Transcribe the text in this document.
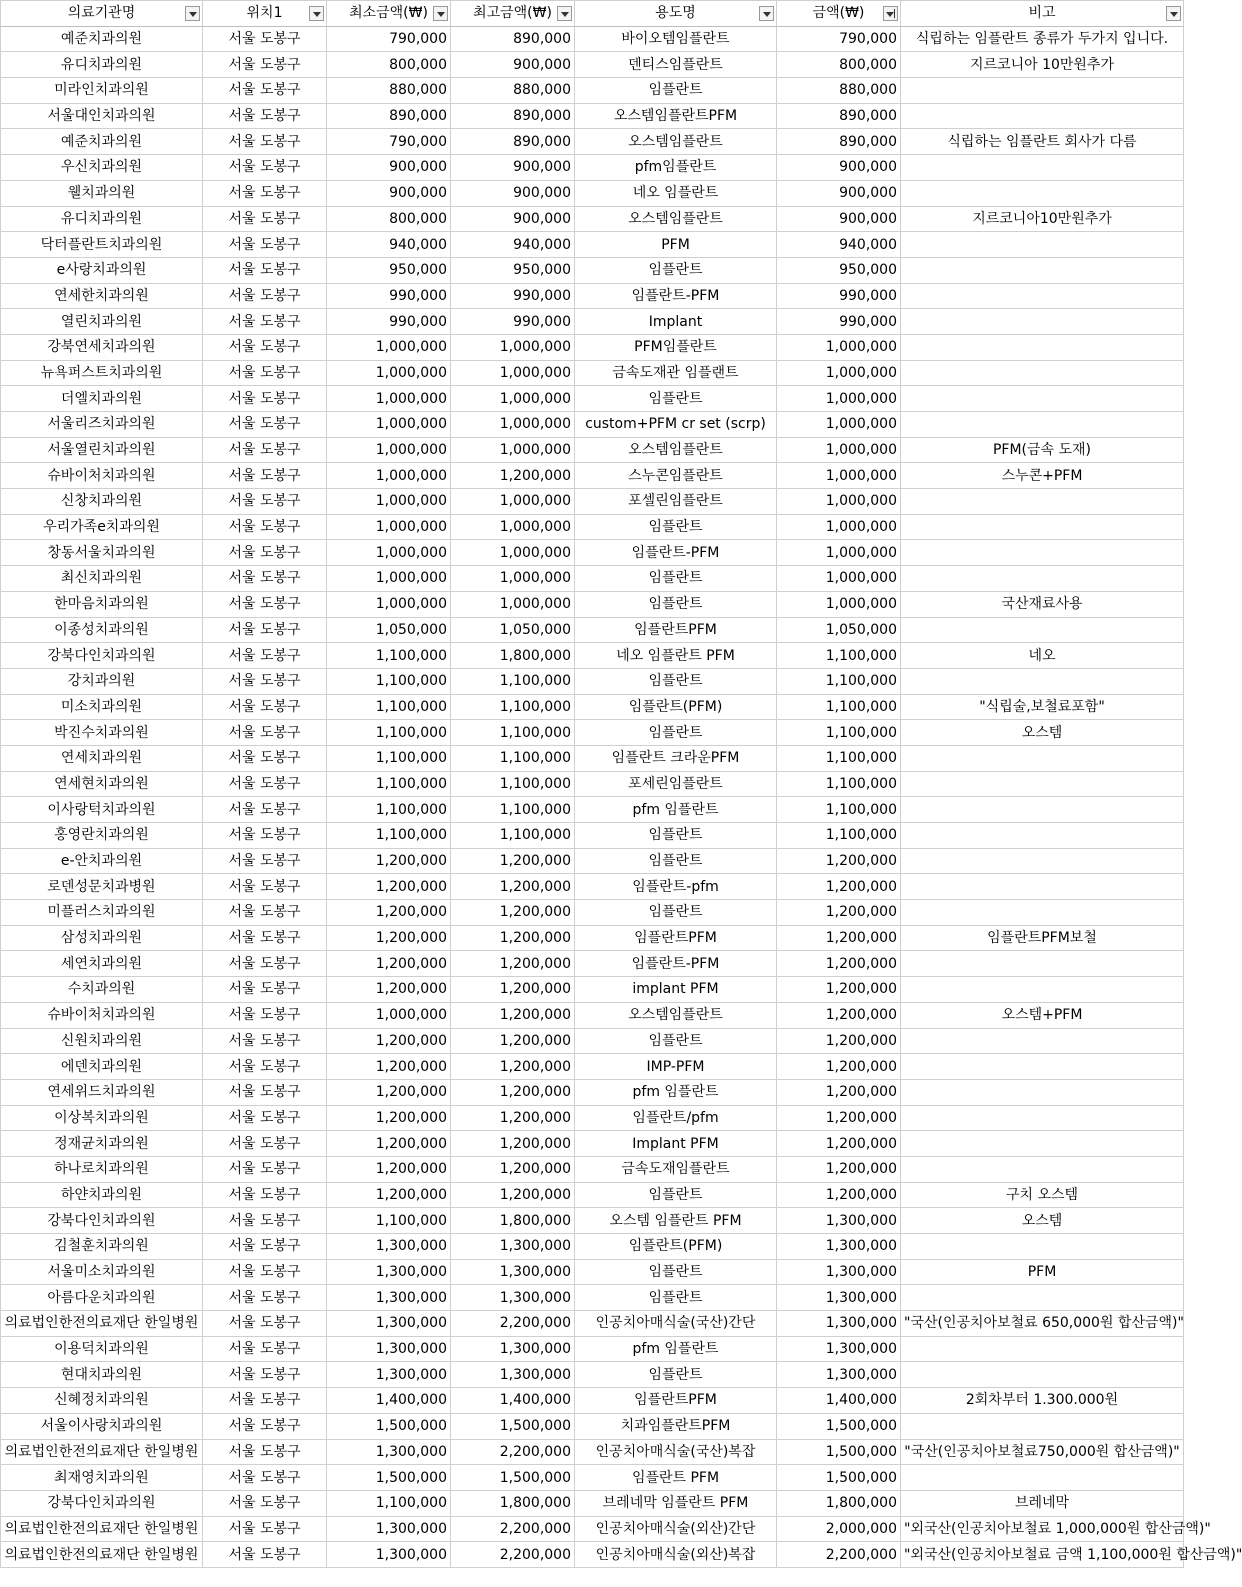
의료기관명	위치1	최소금액(₩)	최고금액(₩)	용도명	금액(₩)	비고

예준치과의원	서울 도봉구	790,000	890,000	바이오템임플란트	790,000	식립하는 임플란트 종류가 두가지 입니다.
유디치과의원	서울 도봉구	800,000	900,000	덴티스임플란트	800,000	지르코니아 10만원추가
미라인치과의원	서울 도봉구	880,000	880,000	임플란트	880,000	
서울대인치과의원	서울 도봉구	890,000	890,000	오스템임플란트PFM	890,000	
예준치과의원	서울 도봉구	790,000	890,000	오스템임플란트	890,000	식립하는 임플란트 회사가 다름
우신치과의원	서울 도봉구	900,000	900,000	pfm임플란트	900,000	
웰치과의원	서울 도봉구	900,000	900,000	네오 임플란트	900,000	
유디치과의원	서울 도봉구	800,000	900,000	오스템임플란트	900,000	지르코니아10만원추가
닥터플란트치과의원	서울 도봉구	940,000	940,000	PFM	940,000	
e사랑치과의원	서울 도봉구	950,000	950,000	임플란트	950,000	
연세한치과의원	서울 도봉구	990,000	990,000	임플란트-PFM	990,000	
열린치과의원	서울 도봉구	990,000	990,000	Implant	990,000	
강북연세치과의원	서울 도봉구	1,000,000	1,000,000	PFM임플란트	1,000,000	
뉴욕퍼스트치과의원	서울 도봉구	1,000,000	1,000,000	금속도재관 임플랜트	1,000,000	
더엘치과의원	서울 도봉구	1,000,000	1,000,000	임플란트	1,000,000	
서울리즈치과의원	서울 도봉구	1,000,000	1,000,000	custom+PFM cr set (scrp)	1,000,000	
서울열린치과의원	서울 도봉구	1,000,000	1,000,000	오스템임플란트	1,000,000	PFM(금속 도재)
슈바이처치과의원	서울 도봉구	1,000,000	1,200,000	스누콘임플란트	1,000,000	스누콘+PFM
신창치과의원	서울 도봉구	1,000,000	1,000,000	포셀린임플란트	1,000,000	
우리가족e치과의원	서울 도봉구	1,000,000	1,000,000	임플란트	1,000,000	
창동서울치과의원	서울 도봉구	1,000,000	1,000,000	임플란트-PFM	1,000,000	
최신치과의원	서울 도봉구	1,000,000	1,000,000	임플란트	1,000,000	
한마음치과의원	서울 도봉구	1,000,000	1,000,000	임플란트	1,000,000	국산재료사용
이종성치과의원	서울 도봉구	1,050,000	1,050,000	임플란트PFM	1,050,000	
강북다인치과의원	서울 도봉구	1,100,000	1,800,000	네오 임플란트 PFM	1,100,000	네오
강치과의원	서울 도봉구	1,100,000	1,100,000	임플란트	1,100,000	
미소치과의원	서울 도봉구	1,100,000	1,100,000	임플란트(PFM)	1,100,000	"식립술,보철료포함"
박진수치과의원	서울 도봉구	1,100,000	1,100,000	임플란트	1,100,000	오스템
연세치과의원	서울 도봉구	1,100,000	1,100,000	임플란트 크라운PFM	1,100,000	
연세현치과의원	서울 도봉구	1,100,000	1,100,000	포세린임플란트	1,100,000	
이사랑턱치과의원	서울 도봉구	1,100,000	1,100,000	pfm 임플란트	1,100,000	
홍영란치과의원	서울 도봉구	1,100,000	1,100,000	임플란트	1,100,000	
e-안치과의원	서울 도봉구	1,200,000	1,200,000	임플란트	1,200,000	
로덴성문치과병원	서울 도봉구	1,200,000	1,200,000	임플란트-pfm	1,200,000	
미플러스치과의원	서울 도봉구	1,200,000	1,200,000	임플란트	1,200,000	
삼성치과의원	서울 도봉구	1,200,000	1,200,000	임플란트PFM	1,200,000	임플란트PFM보철
세연치과의원	서울 도봉구	1,200,000	1,200,000	임플란트-PFM	1,200,000	
수치과의원	서울 도봉구	1,200,000	1,200,000	implant PFM	1,200,000	
슈바이처치과의원	서울 도봉구	1,000,000	1,200,000	오스템임플란트	1,200,000	오스템+PFM
신원치과의원	서울 도봉구	1,200,000	1,200,000	임플란트	1,200,000	
에덴치과의원	서울 도봉구	1,200,000	1,200,000	IMP-PFM	1,200,000	
연세위드치과의원	서울 도봉구	1,200,000	1,200,000	pfm 임플란트	1,200,000	
이상복치과의원	서울 도봉구	1,200,000	1,200,000	임플란트/pfm	1,200,000	
정재균치과의원	서울 도봉구	1,200,000	1,200,000	Implant PFM	1,200,000	
하나로치과의원	서울 도봉구	1,200,000	1,200,000	금속도재임플란트	1,200,000	
하얀치과의원	서울 도봉구	1,200,000	1,200,000	임플란트	1,200,000	구치 오스템
강북다인치과의원	서울 도봉구	1,100,000	1,800,000	오스템 임플란트 PFM	1,300,000	오스템
김철훈치과의원	서울 도봉구	1,300,000	1,300,000	임플란트(PFM)	1,300,000	
서울미소치과의원	서울 도봉구	1,300,000	1,300,000	임플란트	1,300,000	PFM
아름다운치과의원	서울 도봉구	1,300,000	1,300,000	임플란트	1,300,000	
의료법인한전의료재단 한일병원	서울 도봉구	1,300,000	2,200,000	인공치아매식술(국산)간단	1,300,000	"국산(인공치아보철료 650,000원 합산금액)"
이용덕치과의원	서울 도봉구	1,300,000	1,300,000	pfm 임플란트	1,300,000	
현대치과의원	서울 도봉구	1,300,000	1,300,000	임플란트	1,300,000	
신혜정치과의원	서울 도봉구	1,400,000	1,400,000	임플란트PFM	1,400,000	2회차부터 1.300.000원
서울이사랑치과의원	서울 도봉구	1,500,000	1,500,000	치과임플란트PFM	1,500,000	
의료법인한전의료재단 한일병원	서울 도봉구	1,300,000	2,200,000	인공치아매식술(국산)복잡	1,500,000	"국산(인공치아보철료750,000원 합산금액)"
최재영치과의원	서울 도봉구	1,500,000	1,500,000	임플란트 PFM	1,500,000	
강북다인치과의원	서울 도봉구	1,100,000	1,800,000	브레네막 임플란트 PFM	1,800,000	브레네막
의료법인한전의료재단 한일병원	서울 도봉구	1,300,000	2,200,000	인공치아매식술(외산)간단	2,000,000	"외국산(인공치아보철료 1,000,000원 합산금액)"
의료법인한전의료재단 한일병원	서울 도봉구	1,300,000	2,200,000	인공치아매식술(외산)복잡	2,200,000	"외국산(인공치아보철료 금액 1,100,000원 합산금액)"
